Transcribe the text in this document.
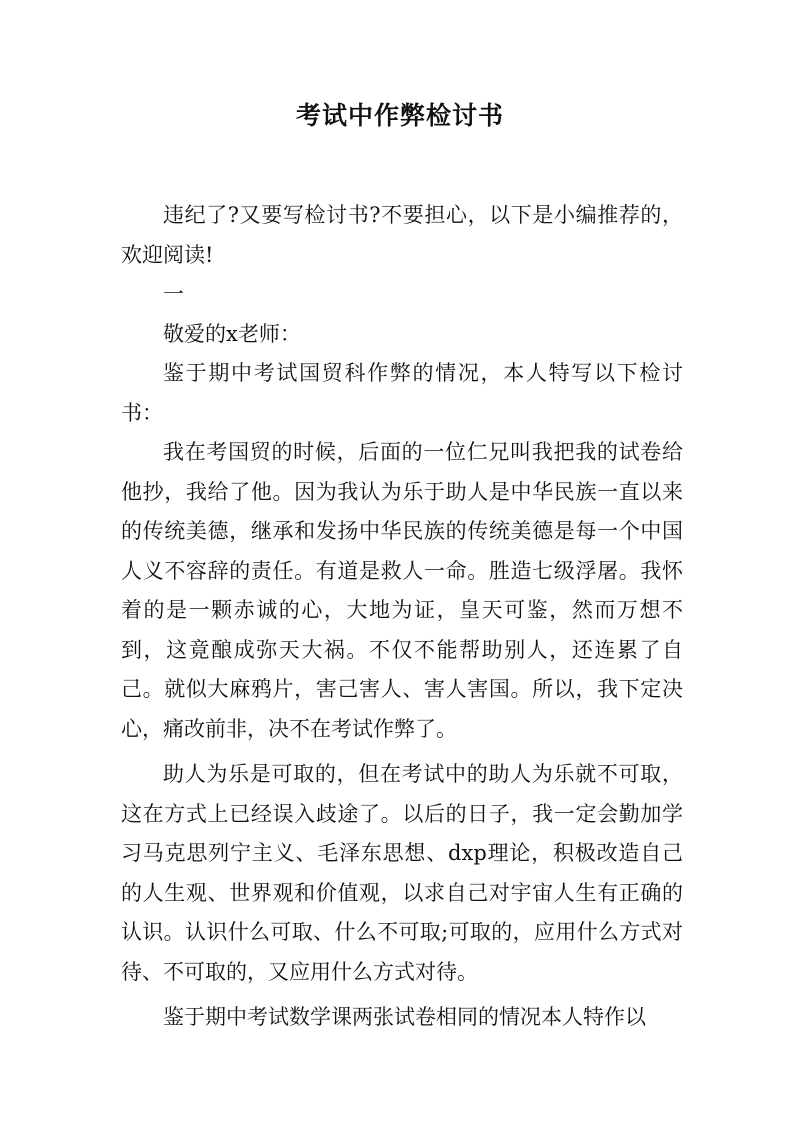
考试中作弊检讨书

违纪了?又要写检讨书?不要担心，以下是小编推荐的，欢迎阅读!

一

敬爱的x老师：

鉴于期中考试国贸科作弊的情况，本人特写以下检讨书：

我在考国贸的时候，后面的一位仁兄叫我把我的试卷给他抄，我给了他。因为我认为乐于助人是中华民族一直以来的传统美德，继承和发扬中华民族的传统美德是每一个中国人义不容辞的责任。有道是救人一命。胜造七级浮屠。我怀着的是一颗赤诚的心，大地为证，皇天可鉴，然而万想不到，这竟酿成弥天大祸。不仅不能帮助别人，还连累了自己。就似大麻鸦片，害己害人、害人害国。所以，我下定决心，痛改前非，决不在考试作弊了。

助人为乐是可取的，但在考试中的助人为乐就不可取，这在方式上已经误入歧途了。以后的日子，我一定会勤加学习马克思列宁主义、毛泽东思想、dxp理论，积极改造自己的人生观、世界观和价值观，以求自己对宇宙人生有正确的认识。认识什么可取、什么不可取;可取的，应用什么方式对待、不可取的，又应用什么方式对待。

鉴于期中考试数学课两张试卷相同的情况本人特作以
